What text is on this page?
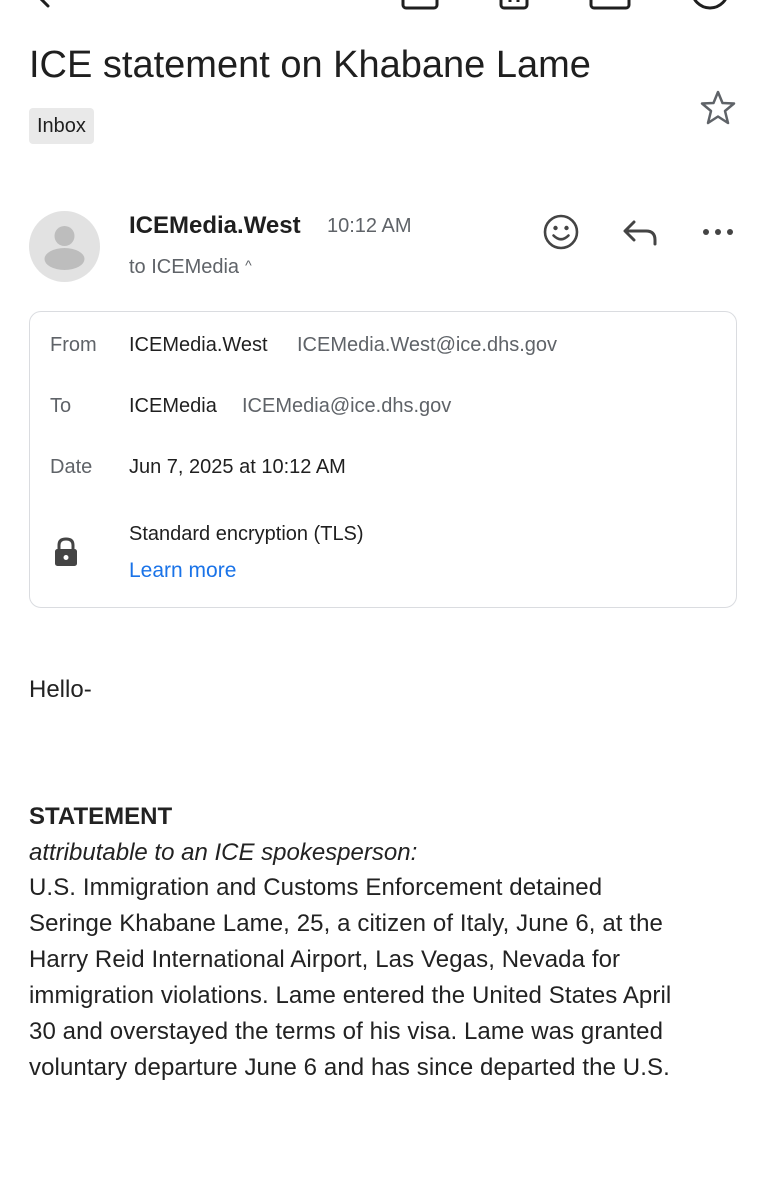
ICE statement on Khabane Lame
Inbox
ICEMedia.West 10:12 AM
to ICEMedia ^
From ICEMedia.West ICEMedia.West@ice.dhs.gov
To	ICEMedia ICEMedia@ice.dhs.gov
Date Jun 7, 2025 at 10:12 AM
Standard encryption (TLS)
Learn more
Hello-
STATEMENT
attributable to an ICE spokesperson:
U.S. Immigration and Customs Enforcement detained
Seringe Khabane Lame, 25, a citizen of Italy, June 6, at the
Harry Reid International Airport, Las Vegas, Nevada for
immigration violations. Lame entered the United States April
30 and overstayed the terms of his visa. Lame was granted
voluntary departure June 6 and has since departed the U.S.
